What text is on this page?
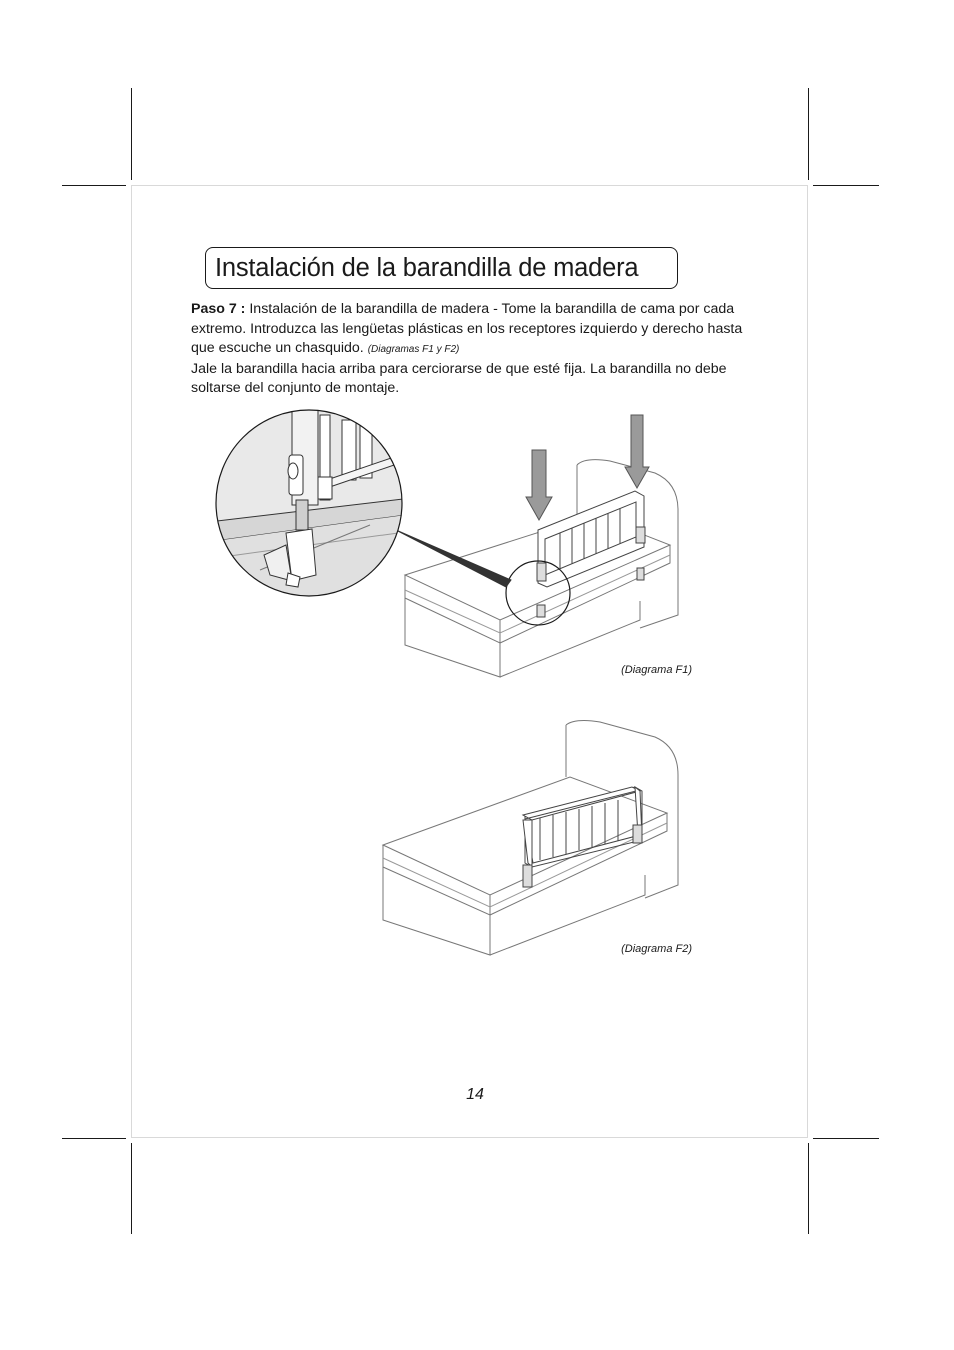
Instalación de la barandilla de madera

Paso 7 : Instalación de la barandilla de madera - Tome la barandilla de cama por cada extremo. Introduzca las lengüetas plásticas en los receptores izquierdo y derecho hasta que escuche un chasquido. (Diagramas F1 y F2)

Jale la barandilla hacia arriba para cerciorarse de que esté fija. La barandilla no debe soltarse del conjunto de montaje.

(Diagrama F1)
(Diagrama F2)
14
